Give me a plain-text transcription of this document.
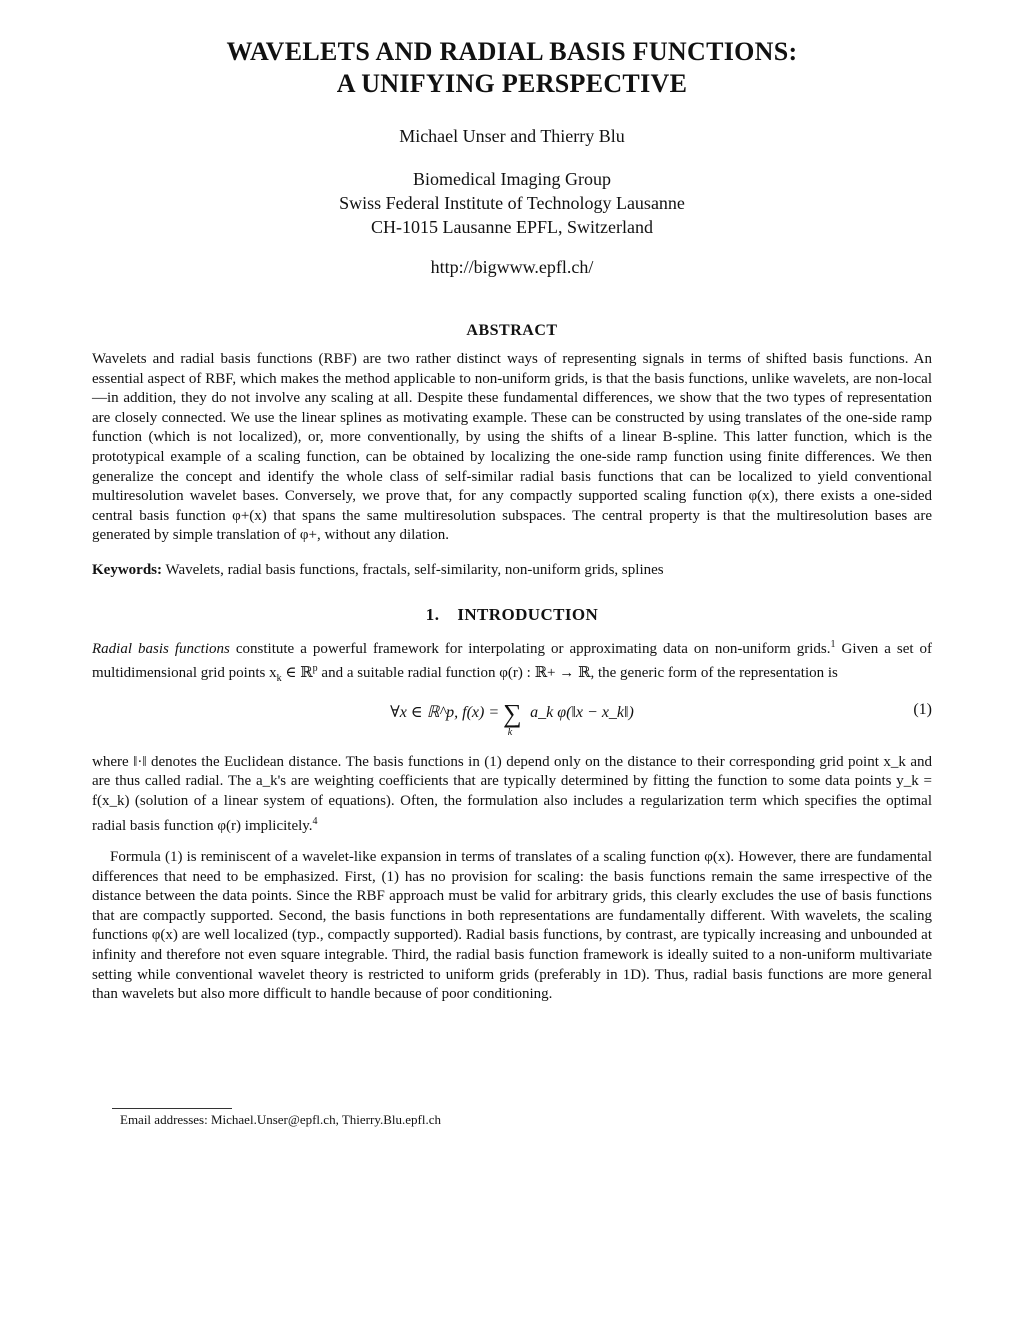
WAVELETS AND RADIAL BASIS FUNCTIONS:
A UNIFYING PERSPECTIVE
Michael Unser and Thierry Blu
Biomedical Imaging Group
Swiss Federal Institute of Technology Lausanne
CH-1015 Lausanne EPFL, Switzerland
http://bigwww.epfl.ch/
ABSTRACT

Wavelets and radial basis functions (RBF) are two rather distinct ways of representing signals in terms of shifted basis functions. An essential aspect of RBF, which makes the method applicable to non-uniform grids, is that the basis functions, unlike wavelets, are non-local—in addition, they do not involve any scaling at all. Despite these fundamental differences, we show that the two types of representation are closely connected. We use the linear splines as motivating example. These can be constructed by using translates of the one-side ramp function (which is not localized), or, more conventionally, by using the shifts of a linear B-spline. This latter function, which is the prototypical example of a scaling function, can be obtained by localizing the one-side ramp function using finite differences. We then generalize the concept and identify the whole class of self-similar radial basis functions that can be localized to yield conventional multiresolution wavelet bases. Conversely, we prove that, for any compactly supported scaling function φ(x), there exists a one-sided central basis function φ+(x) that spans the same multiresolution subspaces. The central property is that the multiresolution bases are generated by simple translation of φ+, without any dilation.

Keywords: Wavelets, radial basis functions, fractals, self-similarity, non-uniform grids, splines
1. INTRODUCTION

Radial basis functions constitute a powerful framework for interpolating or approximating data on non-uniform grids.$^1$ Given a set of multidimensional grid points $x_k$ ∈ ℝ$^p$ and a suitable radial function φ(r) : ℝ+ → ℝ, the generic form of the representation is

∀x ∈ ℝ^p, $f(x) = \sum_k$ a_k φ(‖x − x_k‖)	(1)

where ‖·‖ denotes the Euclidean distance. The basis functions in (1) depend only on the distance to their corresponding grid point x_k and are thus called radial. The a_k's are weighting coefficients that are typically determined by fitting the function to some data points y_k = f(x_k) (solution of a linear system of equations). Often, the formulation also includes a regularization term which specifies the optimal radial basis function φ(r) implicitely.$^4$

Formula (1) is reminiscent of a wavelet-like expansion in terms of translates of a scaling function φ(x). However, there are fundamental differences that need to be emphasized. First, (1) has no provision for scaling: the basis functions remain the same irrespective of the distance between the data points. Since the RBF approach must be valid for arbitrary grids, this clearly excludes the use of basis functions that are compactly supported. Second, the basis functions in both representations are fundamentally different. With wavelets, the scaling functions φ(x) are well localized (typ., compactly supported). Radial basis functions, by contrast, are typically increasing and unbounded at infinity and therefore not even square integrable. Third, the radial basis function framework is ideally suited to a non-uniform multivariate setting while conventional wavelet theory is restricted to uniform grids (preferably in 1D). Thus, radial basis functions are more general than wavelets but also more difficult to handle because of poor conditioning.

Email addresses: Michael.Unser@epfl.ch, Thierry.Blu.epfl.ch
